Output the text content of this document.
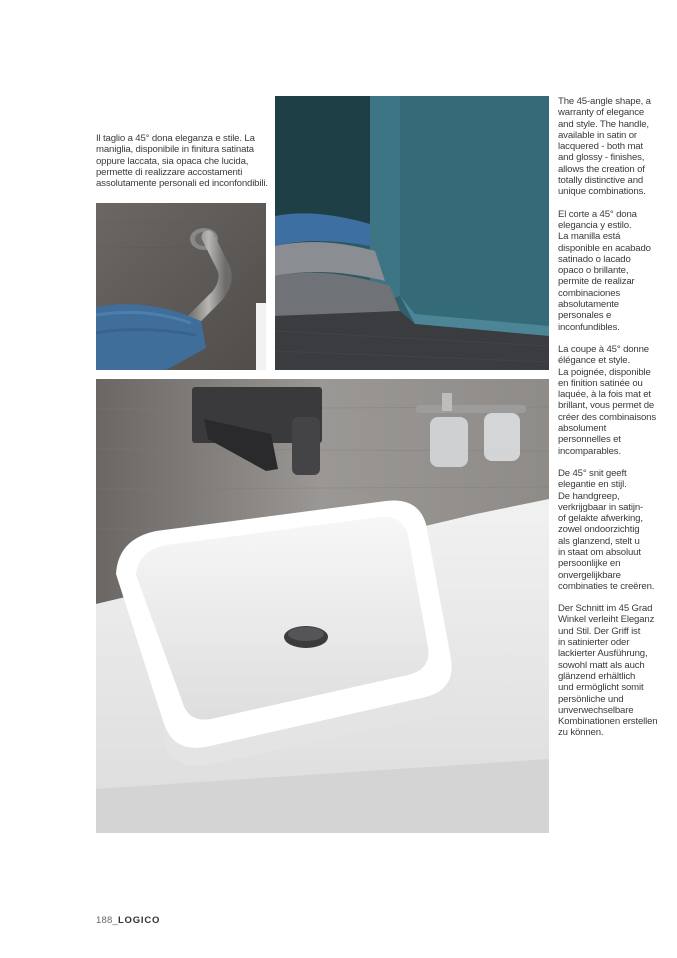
Il taglio a 45° dona eleganza e stile. La
maniglia, disponibile in finitura satinata
oppure laccata, sia opaca che lucida,
permette di realizzare accostamenti
assolutamente personali ed inconfondibili.

The 45-angle shape, a
warranty of elegance
and style. The handle,
available in satin or
lacquered - both mat
and glossy - finishes,
allows the creation of
totally distinctive and
unique combinations.

El corte a 45° dona
elegancia y estilo.
La manilla está
disponible en acabado
satinado o lacado
opaco o brillante,
permite de realizar
combinaciones
absolutamente
personales e
inconfundibles.

La coupe à 45° donne
élégance et style.
La poignée, disponible
en finition satinée ou
laquée, à la fois mat et
brillant, vous permet de
créer des combinaisons
absolument
personnelles et
incomparables.

De 45° snit geeft
elegantie en stijl.
De handgreep,
verkrijgbaar in satijn-
of gelakte afwerking,
zowel ondoorzichtig
als glanzend, stelt u
in staat om absoluut
persoonlijke en
onvergelijkbare
combinaties te creëren.

Der Schnitt im 45 Grad
Winkel verleiht Eleganz
und Stil. Der Griff ist
in satinierter oder
lackierter Ausführung,
sowohl matt als auch
glänzend erhältlich
und ermöglicht somit
persönliche und
unverwechselbare
Kombinationen erstellen
zu können.

188_LOGICO
